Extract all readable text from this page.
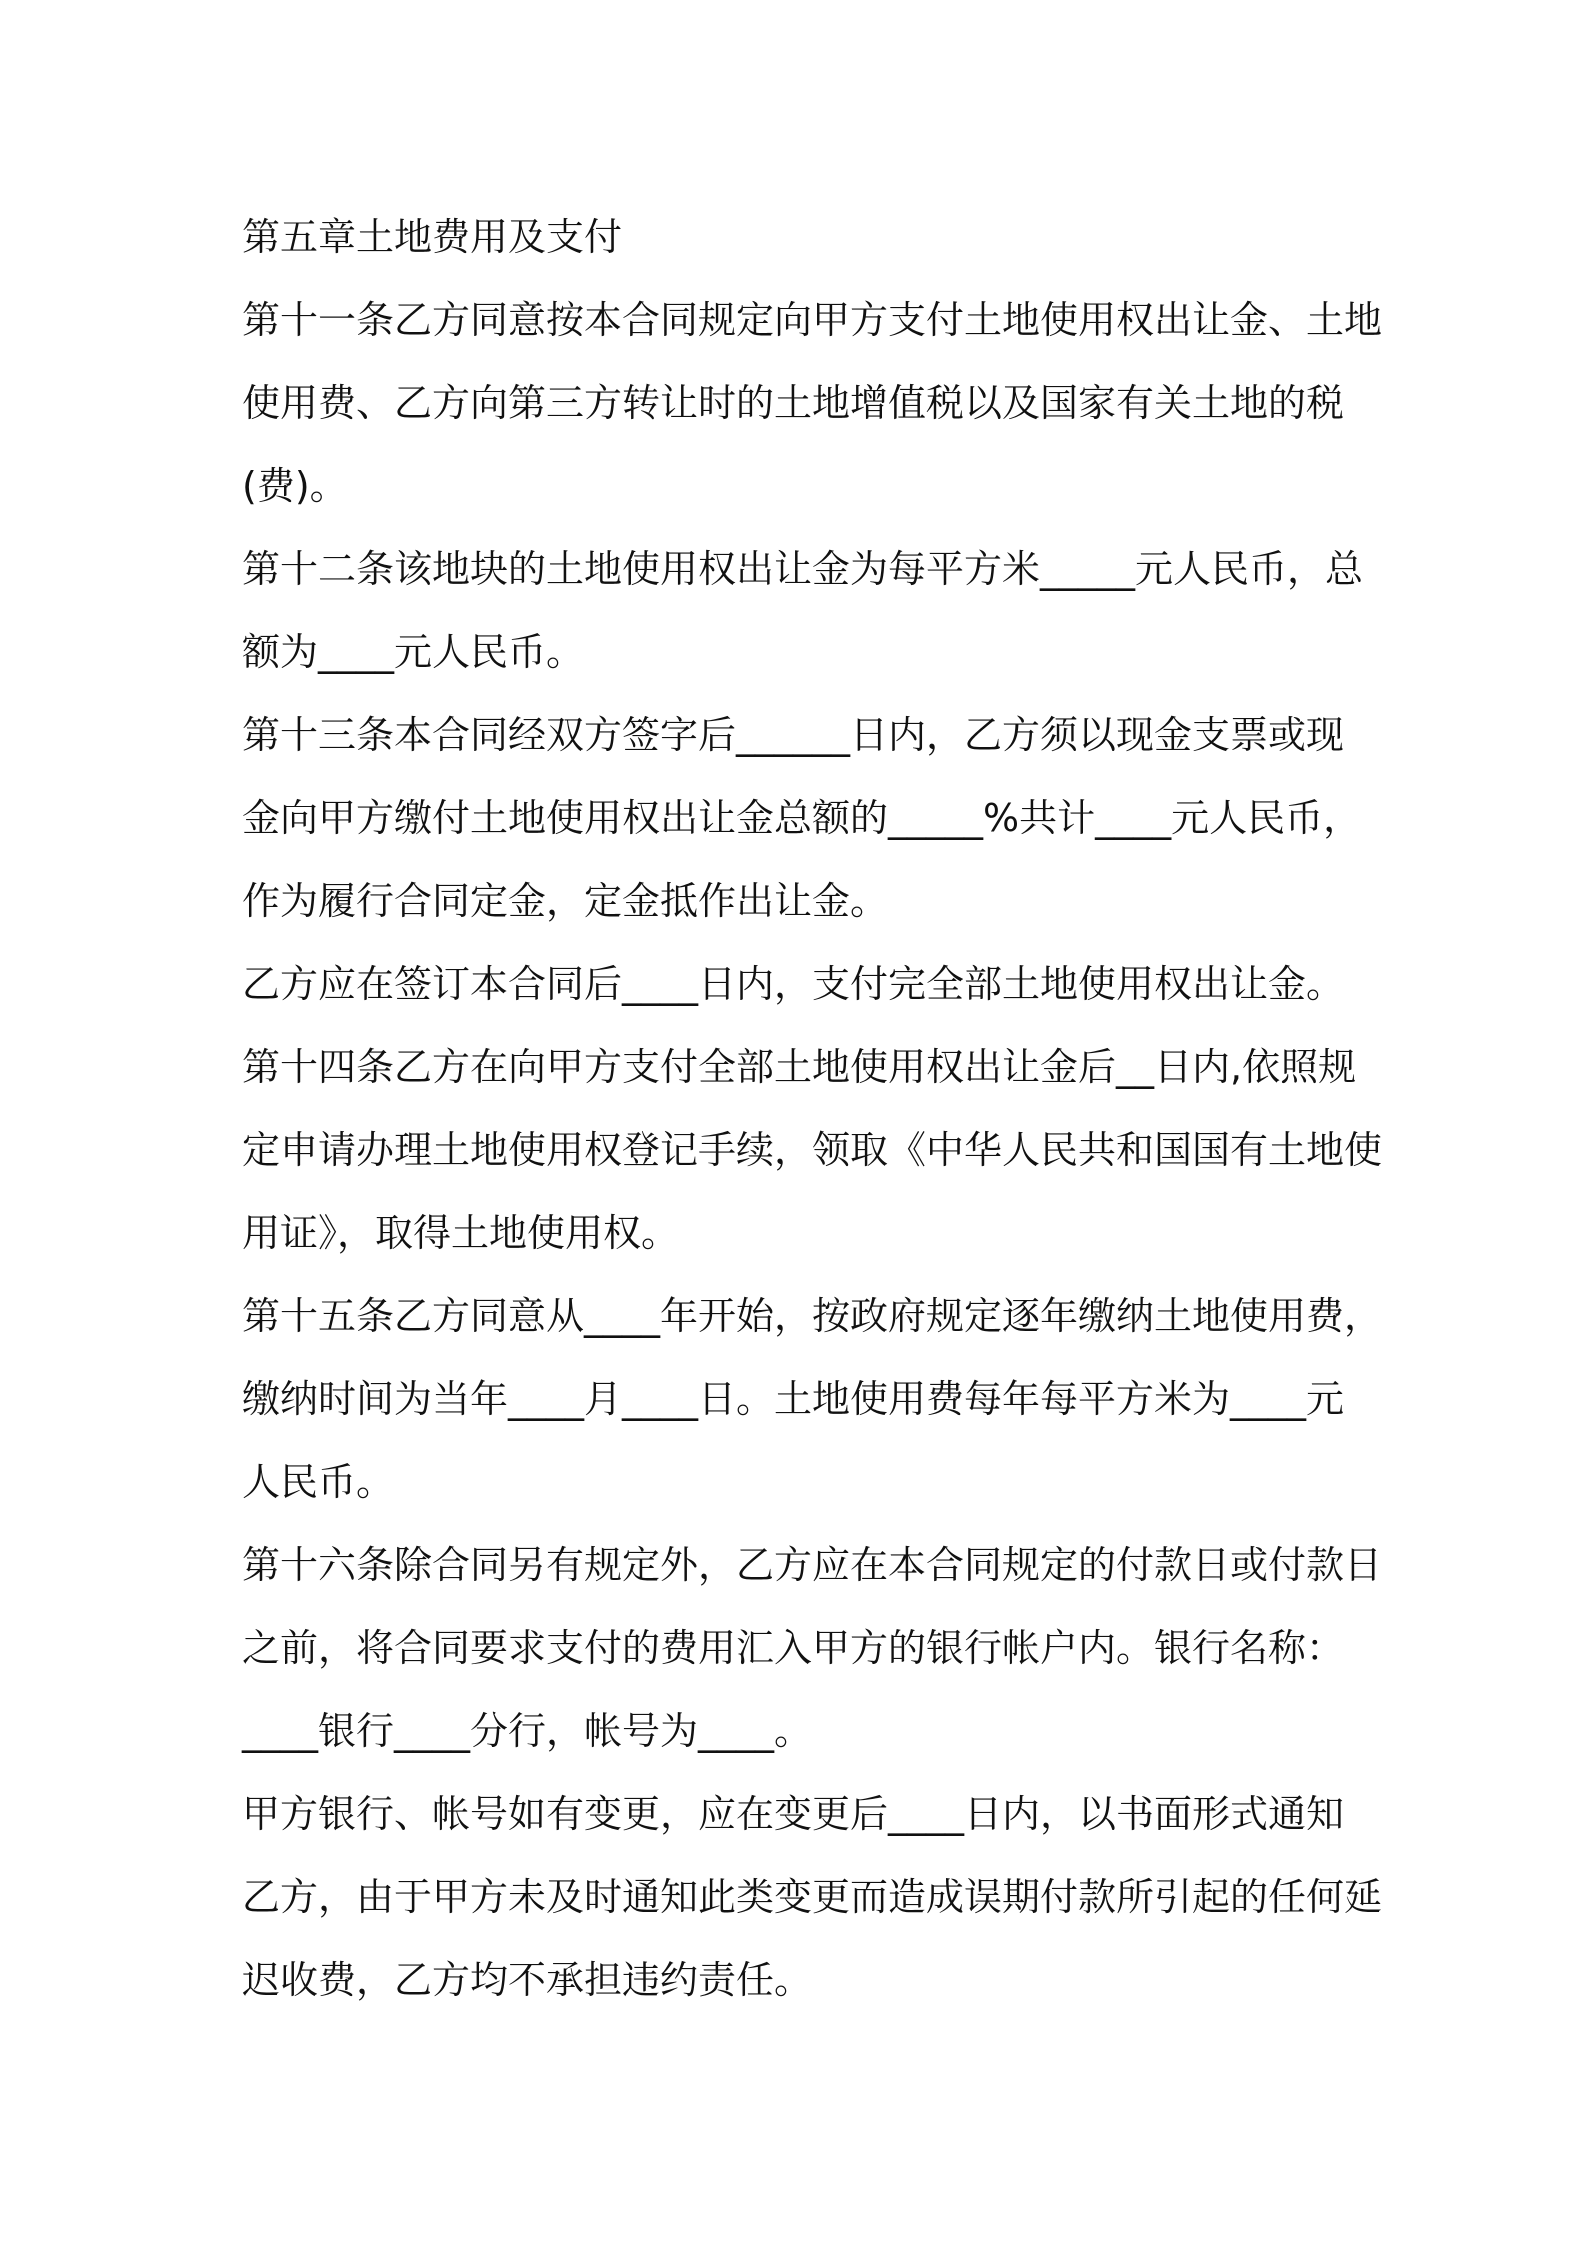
第五章土地费用及支付
第十一条乙方同意按本合同规定向甲方支付土地使用权出让金、土地
使用费、乙方向第三方转让时的土地增值税以及国家有关土地的税
(费)。
第十二条该地块的土地使用权出让金为每平方米_____元人民币，总
额为____元人民币。
第十三条本合同经双方签字后______日内，乙方须以现金支票或现
金向甲方缴付土地使用权出让金总额的_____%共计____元人民币，
作为履行合同定金，定金抵作出让金。
乙方应在签订本合同后____日内，支付完全部土地使用权出让金。
第十四条乙方在向甲方支付全部土地使用权出让金后__日内,依照规
定申请办理土地使用权登记手续，领取《中华人民共和国国有土地使
用证》，取得土地使用权。
第十五条乙方同意从____年开始，按政府规定逐年缴纳土地使用费，
缴纳时间为当年____月____日。土地使用费每年每平方米为____元
人民币。
第十六条除合同另有规定外，乙方应在本合同规定的付款日或付款日
之前，将合同要求支付的费用汇入甲方的银行帐户内。银行名称：
____银行____分行，帐号为____。
甲方银行、帐号如有变更，应在变更后____日内，以书面形式通知
乙方，由于甲方未及时通知此类变更而造成误期付款所引起的任何延
迟收费，乙方均不承担违约责任。
